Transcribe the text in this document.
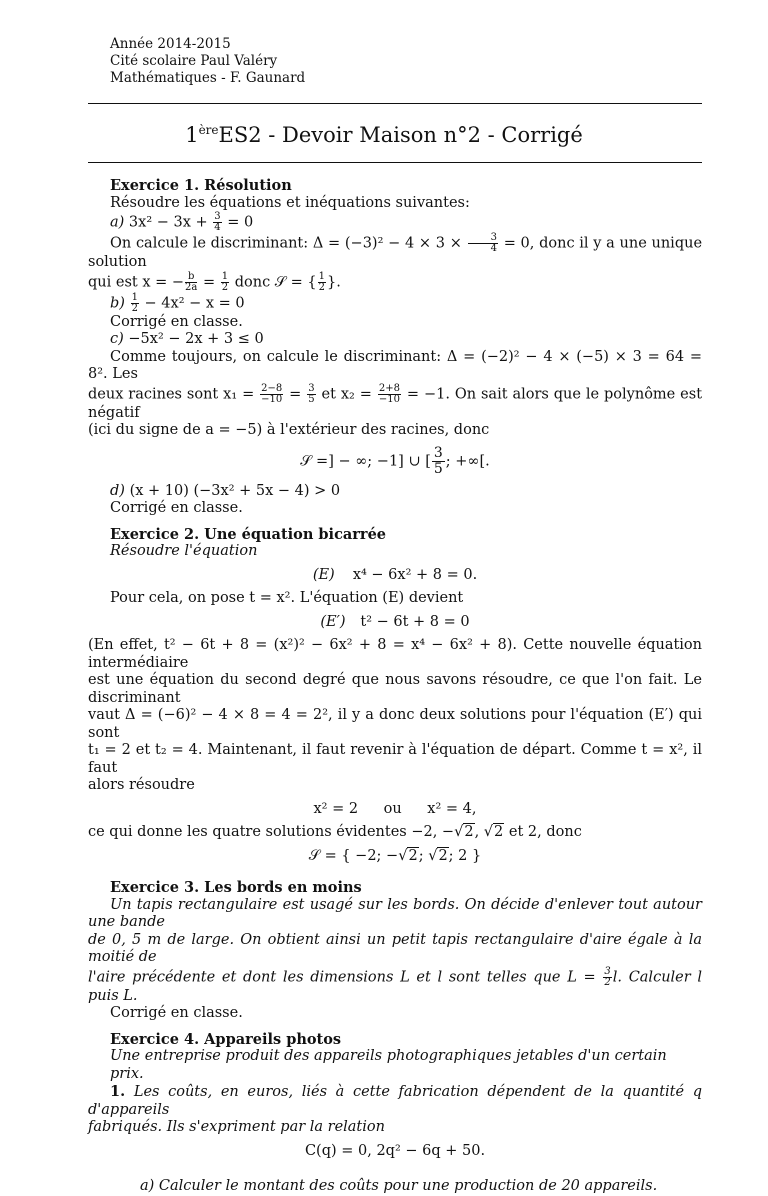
Année 2014-2015
Cité scolaire Paul Valéry
Mathématiques - F. Gaunard
1èreES2 - Devoir Maison n°2 - Corrigé
Exercice 1. Résolution
Résoudre les équations et inéquations suivantes:
a) $3x^2 - 3x + \frac{3}{4} = 0$
On calcule le discriminant: $\Delta = (-3)^2 - 4 \times 3 \times \frac{3}{4} = 0$, donc il y a une unique solution
qui est x = − $\frac{b}{2a} = \frac{1}{2}$ donc 𝒮 = { $\frac{1}{2}$ }.
$b) \frac{1}{2} - 4x^2 - x = 0$
Corrigé en classe.
c) −5x² − 2x + 3 ≤ 0
Comme toujours, on calcule le discriminant: Δ = (−2)² − 4 × (−5) × 3 = 64 = 8². Les
deux racines sont $x_1 = \frac{2-8}{-10} = \frac{3}{5}$ et $x_2 = \frac{2+8}{-10} = -1$. On sait alors que le polynôme est négatif
(ici du signe de a = −5) à l'extérieur des racines, donc
𝒮 =] − ∞; −1] ∪ [ $\frac{3}{5}$ ; +∞[.
d) (x + 10) (−3x² + 5x − 4) > 0
Corrigé en classe.
Exercice 2. Une équation bicarrée
Résoudre l'équation
(E) x⁴ − 6x² + 8 = 0.
Pour cela, on pose t = x². L'équation (E) devient
(E′) t² − 6t + 8 = 0
(En effet, t² − 6t + 8 = (x²)² − 6x² + 8 = x⁴ − 6x² + 8). Cette nouvelle équation intermédiaire
est une équation du second degré que nous savons résoudre, ce que l'on fait. Le discriminant
vaut Δ = (−6)² − 4 × 8 = 4 = 2², il y a donc deux solutions pour l'équation (E′) qui sont
t₁ = 2 et t₂ = 4. Maintenant, il faut revenir à l'équation de départ. Comme t = x², il faut
alors résoudre
x² = 2 ou x² = 4,
ce qui donne les quatre solutions évidentes −2, −√2, √2 et 2, donc
𝒮 = { −2; −√2; √2; 2 }
Exercice 3. Les bords en moins
Un tapis rectangulaire est usagé sur les bords. On décide d'enlever tout autour une bande
de 0, 5 m de large. On obtient ainsi un petit tapis rectangulaire d'aire égale à la moitié de
l'aire précédente et dont les dimensions L et l sont telles que $L = \frac{3}{2} l$. Calculer l puis L.
Corrigé en classe.
Exercice 4. Appareils photos
Une entreprise produit des appareils photographiques jetables d'un certain prix.
1. Les coûts, en euros, liés à cette fabrication dépendent de la quantité q d'appareils
fabriqués. Ils s'expriment par la relation
C(q) = 0, 2q² − 6q + 50.
a) Calculer le montant des coûts pour une production de 20 appareils.
